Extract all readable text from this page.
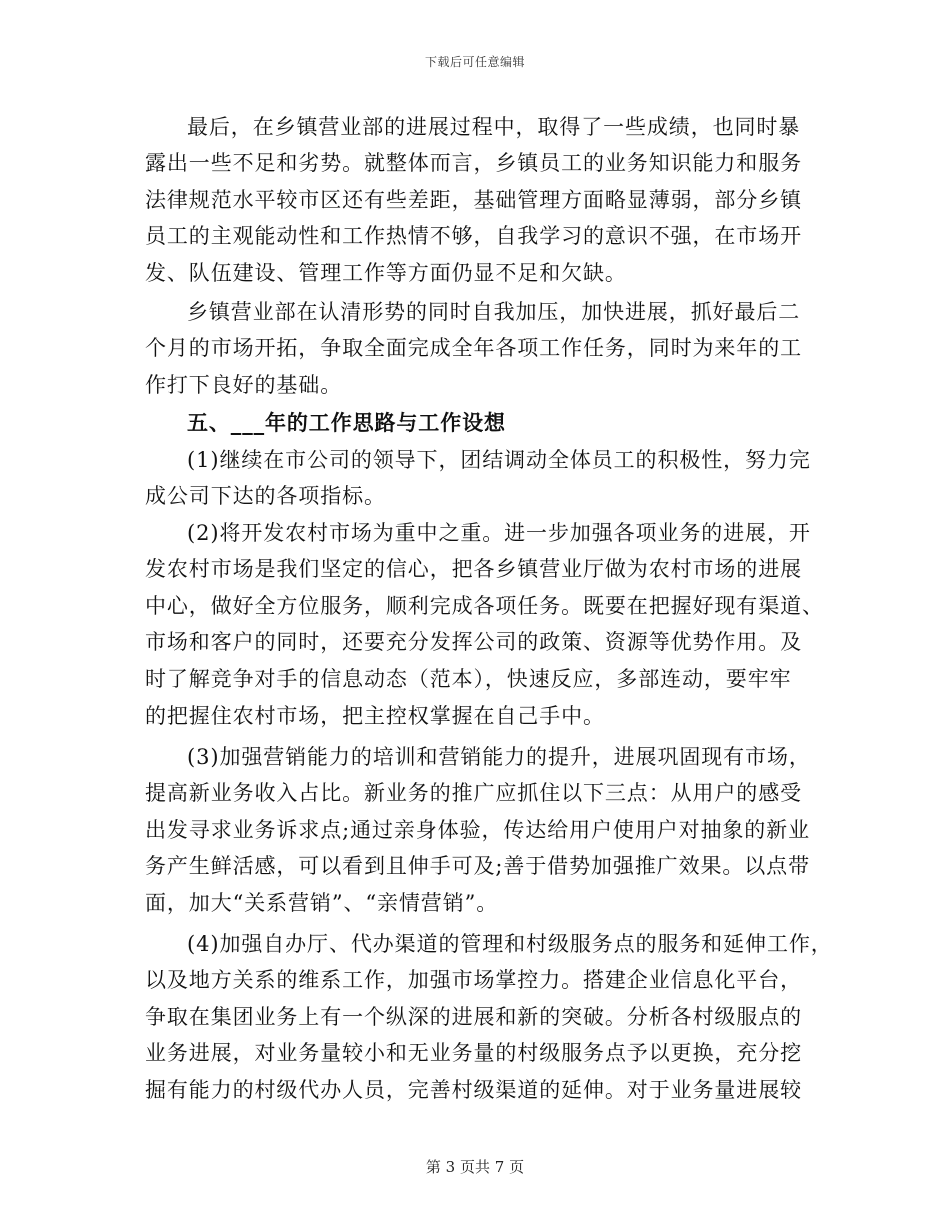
下载后可任意编辑
最后，在乡镇营业部的进展过程中，取得了一些成绩，也同时暴
露出一些不足和劣势。就整体而言，乡镇员工的业务知识能力和服务
法律规范水平较市区还有些差距，基础管理方面略显薄弱，部分乡镇
员工的主观能动性和工作热情不够，自我学习的意识不强，在市场开
发、队伍建设、管理工作等方面仍显不足和欠缺。
乡镇营业部在认清形势的同时自我加压，加快进展，抓好最后二
个月的市场开拓，争取全面完成全年各项工作任务，同时为来年的工
作打下良好的基础。
五、___年的工作思路与工作设想
(1)继续在市公司的领导下，团结调动全体员工的积极性，努力完
成公司下达的各项指标。
(2)将开发农村市场为重中之重。进一步加强各项业务的进展，开
发农村市场是我们坚定的信心，把各乡镇营业厅做为农村市场的进展
中心，做好全方位服务，顺利完成各项任务。既要在把握好现有渠道、
市场和客户的同时，还要充分发挥公司的政策、资源等优势作用。及
时了解竞争对手的信息动态（范本），快速反应，多部连动，要牢牢
的把握住农村市场，把主控权掌握在自己手中。
(3)加强营销能力的培训和营销能力的提升，进展巩固现有市场，
提高新业务收入占比。新业务的推广应抓住以下三点：从用户的感受
出发寻求业务诉求点;通过亲身体验，传达给用户使用户对抽象的新业
务产生鲜活感，可以看到且伸手可及;善于借势加强推广效果。以点带
面，加大“关系营销”、“亲情营销”。
(4)加强自办厅、代办渠道的管理和村级服务点的服务和延伸工作，
以及地方关系的维系工作，加强市场掌控力。搭建企业信息化平台，
争取在集团业务上有一个纵深的进展和新的突破。分析各村级服点的
业务进展，对业务量较小和无业务量的村级服务点予以更换，充分挖
掘有能力的村级代办人员，完善村级渠道的延伸。对于业务量进展较
第 3 页共 7 页
